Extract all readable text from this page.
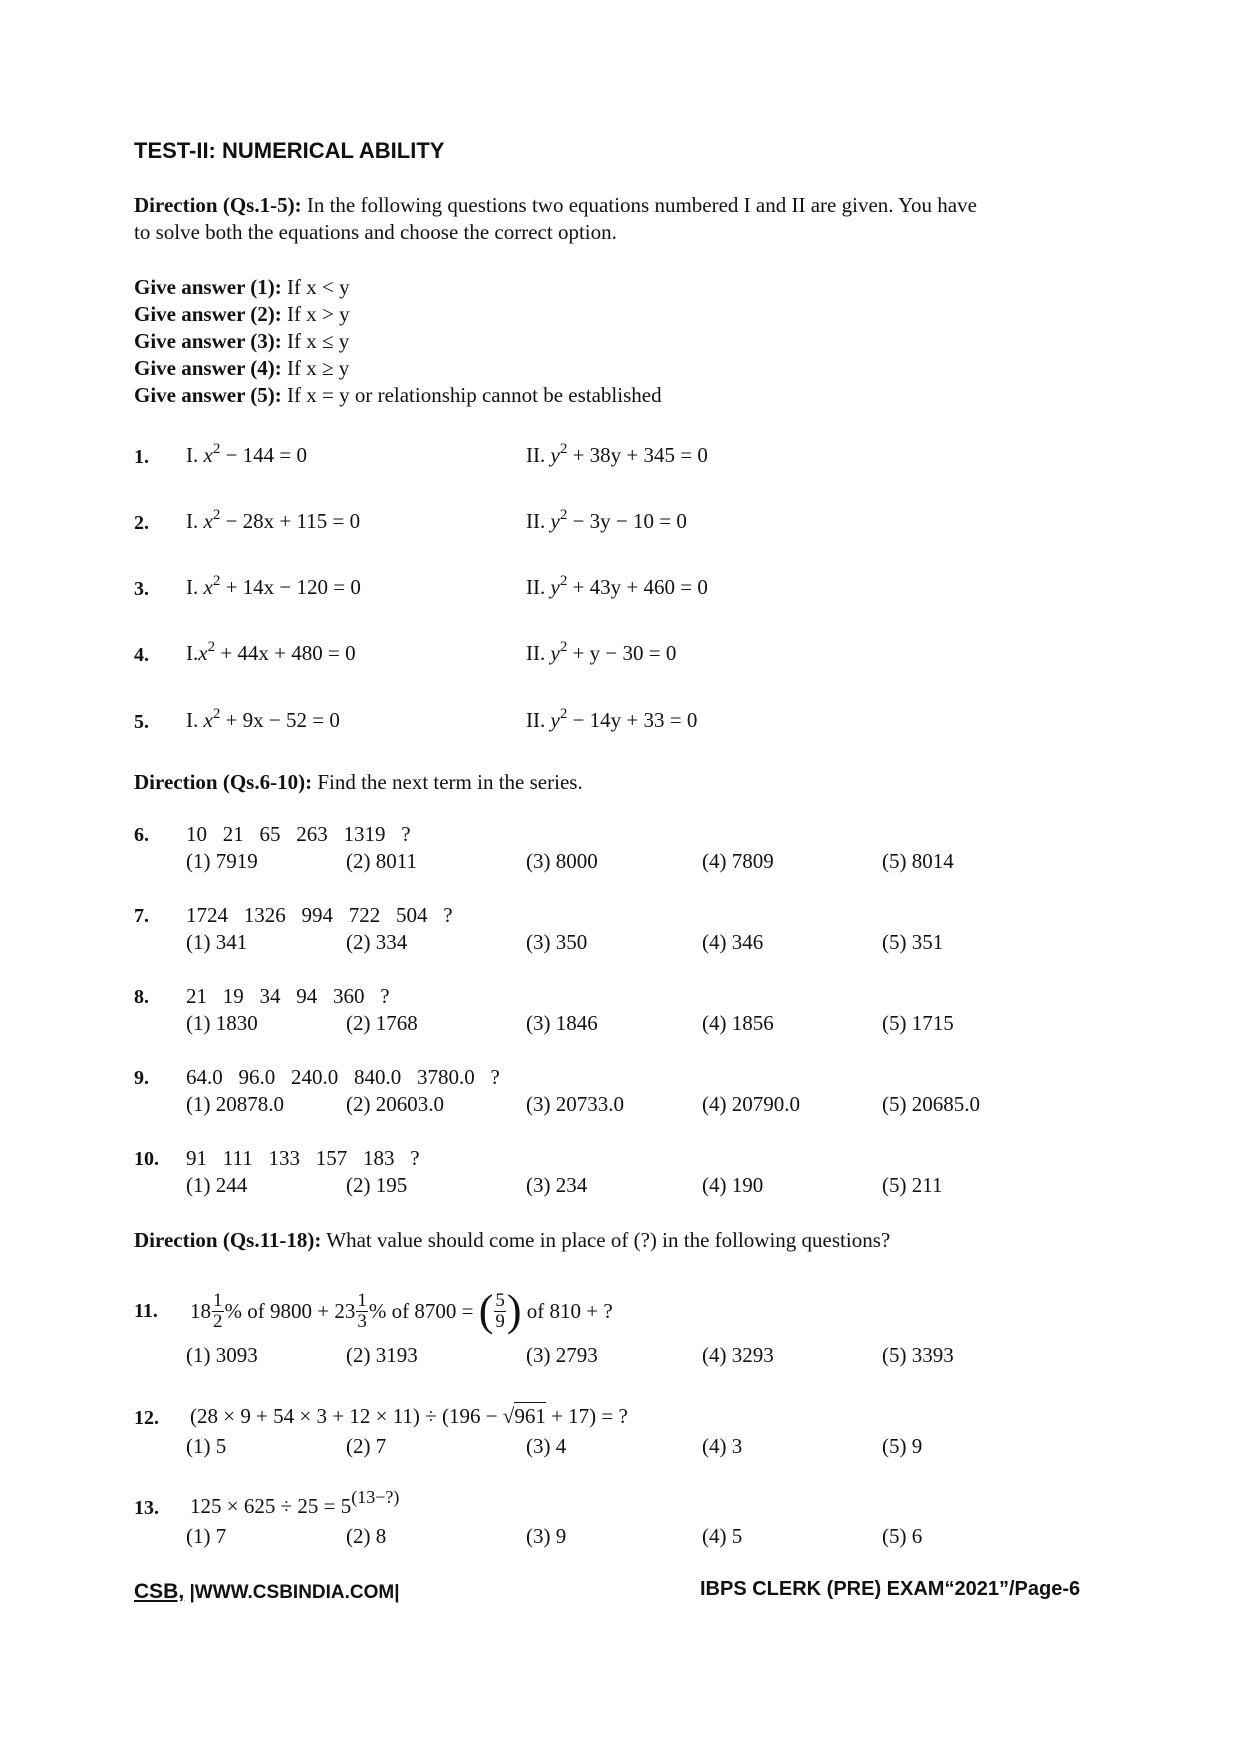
TEST-II: NUMERICAL ABILITY
Direction (Qs.1-5): In the following questions two equations numbered I and II are given. You have
to solve both the equations and choose the correct option.
Give answer (1): If x < y
Give answer (2): If x > y
Give answer (3): If x ≤ y
Give answer (4): If x ≥ y
Give answer (5): If x = y or relationship cannot be established
1. I. $x^2 - 144 = 0$	II. $y^2 + 38y + 345 = 0$
2. I. $x^2 - 28x + 115 = 0$	II. $y^2 - 3y - 10 = 0$
3. I. $x^2 + 14x - 120 = 0$	II. $y^2 + 43y + 460 = 0$
4. $I.x^2 + 44x + 480 = 0$	II. $y^2 + y - 30 = 0$
5. I. $x^2 + 9x - 52 = 0$	II. $y^2 - 14y + 33 = 0$
Direction (Qs.6-10): Find the next term in the series.
6. 10   21   65   263   1319   ?
(1) 7919	(2) 8011	(3) 8000	(4) 7809	(5) 8014
7. 1724   1326   994   722   504   ?
(1) 341	(2) 334	(3) 350	(4) 346	(5) 351
8. 21   19   34   94   360   ?
(1) 1830	(2) 1768	(3) 1846	(4) 1856	(5) 1715
9. 64.0   96.0   240.0   840.0   3780.0   ?
(1) 20878.0	(2) 20603.0	(3) 20733.0	(4) 20790.0	(5) 20685.0
10. 91   111   133   157   183   ?
(1) 244	(2) 195	(3) 234	(4) 190	(5) 211
Direction (Qs.11-18): What value should come in place of (?) in the following questions?
11. $18 \frac{1}{2}$ % of $9800 + 23 \frac{1}{3}$ % of 8700 =
( $\frac{5}{9}$ )
of 810 + ?
(1) 3093	(2) 3193	(3) 2793	(4) 3293	(5) 3393
12. (28 × 9 + 54 × 3 + 12 × 11) ÷ (196 − √961 + 17) = ?
(1) 5	(2) 7	(3) 4	(4) 3	(5) 9
13. $125 \times 625 \div 25 = 5^{(13-?)}$
(1) 7	(2) 8	(3) 9	(4) 5	(5) 6
CSB, |WWW.CSBINDIA.COM|	IBPS CLERK (PRE) EXAM“2021”/Page-6
